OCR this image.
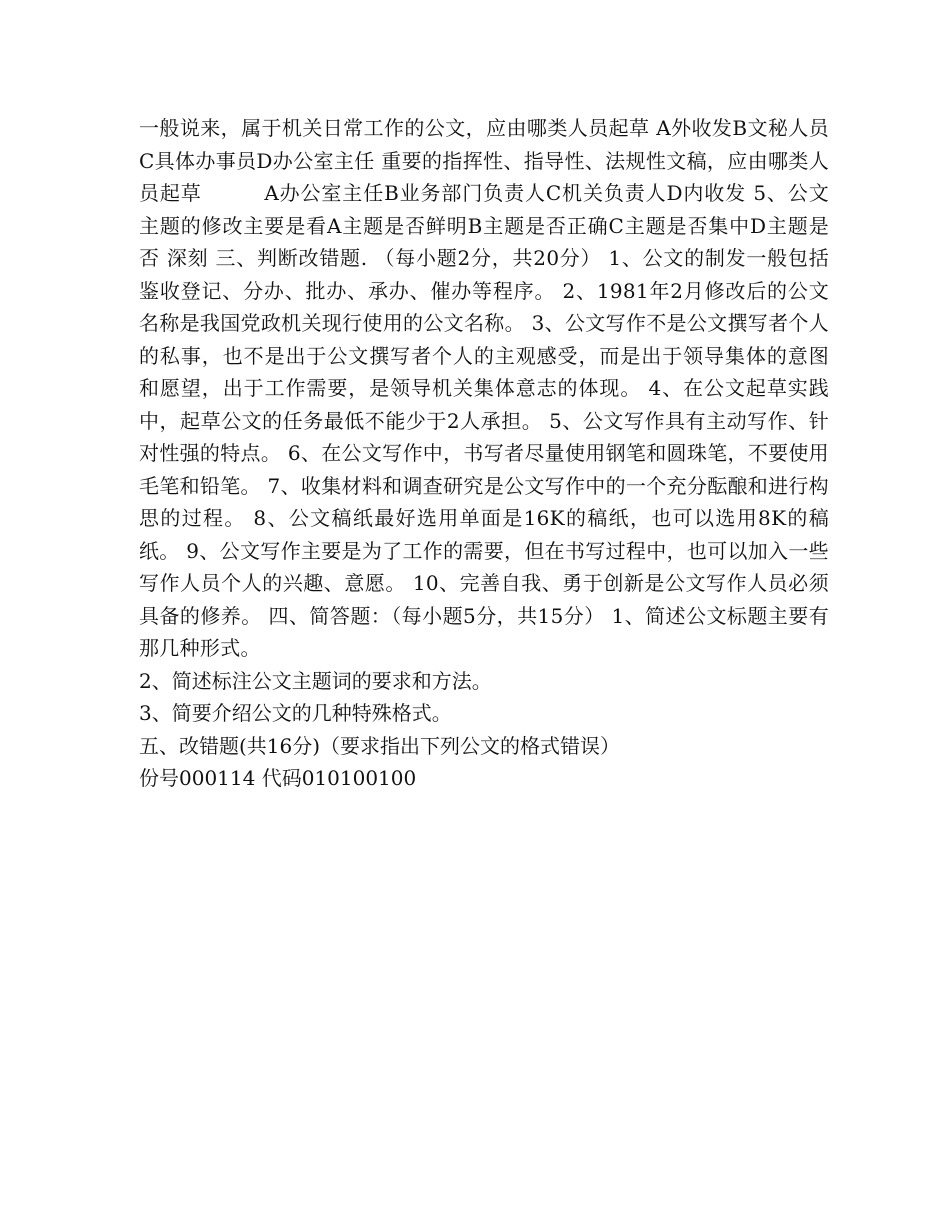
一般说来，属于机关日常工作的公文，应由哪类人员起草 A外收发B文秘人员C具体办事员D办公室主任 重要的指挥性、指导性、法规性文稿，应由哪类人员起草　　　A办公室主任B业务部门负责人C机关负责人D内收发 5、公文主题的修改主要是看A主题是否鲜明B主题是否正确C主题是否集中D主题是否 深刻 三、判断改错题. （每小题2分，共20分） 1、公文的制发一般包括鉴收登记、分办、批办、承办、催办等程序。 2、1981年2月修改后的公文名称是我国党政机关现行使用的公文名称。 3、公文写作不是公文撰写者个人的私事，也不是出于公文撰写者个人的主观感受，而是出于领导集体的意图和愿望，出于工作需要，是领导机关集体意志的体现。 4、在公文起草实践中，起草公文的任务最低不能少于2人承担。 5、公文写作具有主动写作、针对性强的特点。 6、在公文写作中，书写者尽量使用钢笔和圆珠笔，不要使用毛笔和铅笔。 7、收集材料和调查研究是公文写作中的一个充分酝酿和进行构思的过程。 8、公文稿纸最好选用单面是16K的稿纸，也可以选用8K的稿纸。 9、公文写作主要是为了工作的需要，但在书写过程中，也可以加入一些写作人员个人的兴趣、意愿。 10、完善自我、勇于创新是公文写作人员必须具备的修养。 四、简答题：（每小题5分，共15分） 1、简述公文标题主要有那几种形式。

2、简述标注公文主题词的要求和方法。

3、简要介绍公文的几种特殊格式。

五、改错题(共16分)（要求指出下列公文的格式错误）

份号000114 代码010100100
